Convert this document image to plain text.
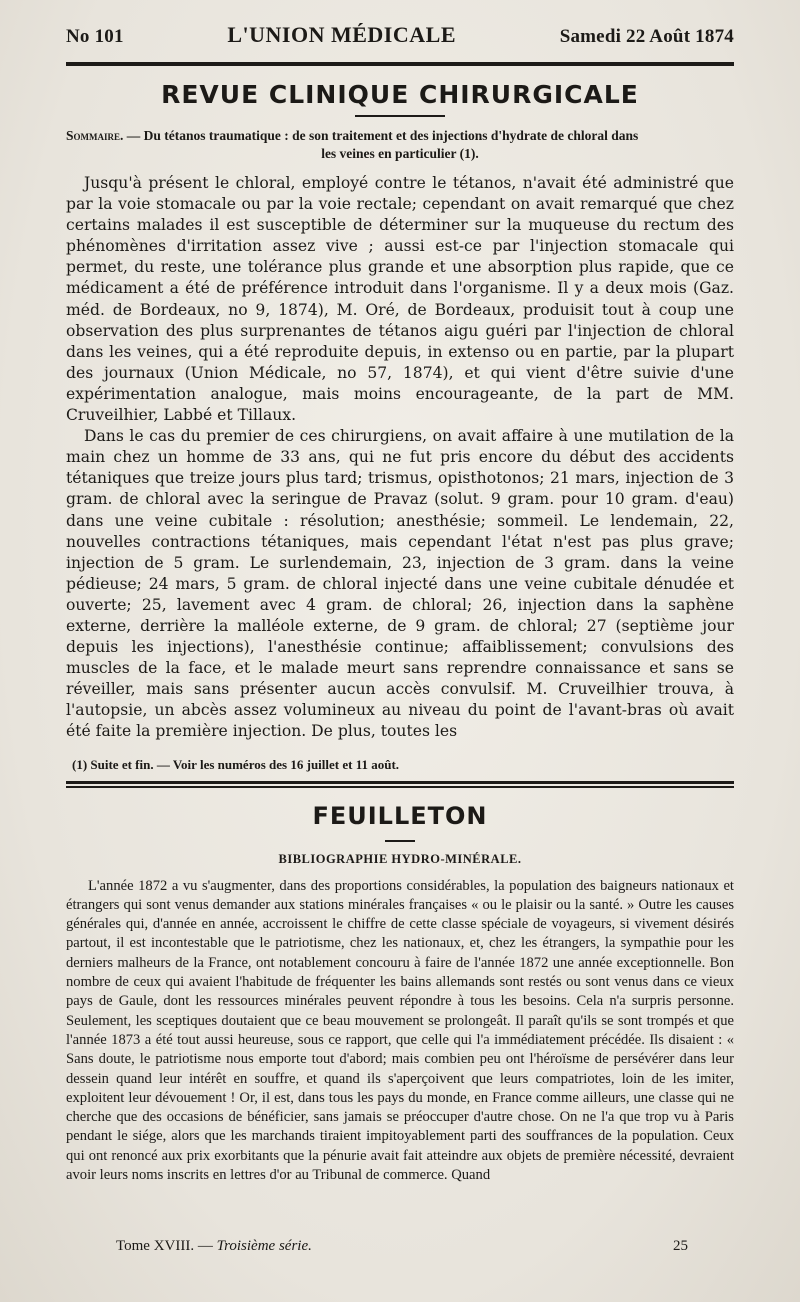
No 101	L'UNION MÉDICALE	Samedi 22 Août 1874
REVUE CLINIQUE CHIRURGICALE
Sommaire. — Du tétanos traumatique : de son traitement et des injections d'hydrate de chloral dans
les veines en particulier (1).

Jusqu'à présent le chloral, employé contre le tétanos, n'avait été administré que par la voie stomacale ou par la voie rectale; cependant on avait remarqué que chez certains malades il est susceptible de déterminer sur la muqueuse du rectum des phénomènes d'irritation assez vive ; aussi est-ce par l'injection stomacale qui permet, du reste, une tolérance plus grande et une absorption plus rapide, que ce médicament a été de préférence introduit dans l'organisme. Il y a deux mois (Gaz. méd. de Bordeaux, no 9, 1874), M. Oré, de Bordeaux, produisit tout à coup une observation des plus surprenantes de tétanos aigu guéri par l'injection de chloral dans les veines, qui a été reproduite depuis, in extenso ou en partie, par la plupart des journaux (Union Médicale, no 57, 1874), et qui vient d'être suivie d'une expérimentation analogue, mais moins encourageante, de la part de MM. Cruveilhier, Labbé et Tillaux.

Dans le cas du premier de ces chirurgiens, on avait affaire à une mutilation de la main chez un homme de 33 ans, qui ne fut pris encore du début des accidents tétaniques que treize jours plus tard; trismus, opisthotonos; 21 mars, injection de 3 gram. de chloral avec la seringue de Pravaz (solut. 9 gram. pour 10 gram. d'eau) dans une veine cubitale : résolution; anesthésie; sommeil. Le lendemain, 22, nouvelles contractions tétaniques, mais cependant l'état n'est pas plus grave; injection de 5 gram. Le surlendemain, 23, injection de 3 gram. dans la veine pédieuse; 24 mars, 5 gram. de chloral injecté dans une veine cubitale dénudée et ouverte; 25, lavement avec 4 gram. de chloral; 26, injection dans la saphène externe, derrière la malléole externe, de 9 gram. de chloral; 27 (septième jour depuis les injections), l'anesthésie continue; affaiblissement; convulsions des muscles de la face, et le malade meurt sans reprendre connaissance et sans se réveiller, mais sans présenter aucun accès convulsif. M. Cruveilhier trouva, à l'autopsie, un abcès assez volumineux au niveau du point de l'avant-bras où avait été faite la première injection. De plus, toutes les

(1) Suite et fin. — Voir les numéros des 16 juillet et 11 août.
FEUILLETON
BIBLIOGRAPHIE HYDRO-MINÉRALE.

L'année 1872 a vu s'augmenter, dans des proportions considérables, la population des baigneurs nationaux et étrangers qui sont venus demander aux stations minérales françaises « ou le plaisir ou la santé. » Outre les causes générales qui, d'année en année, accroissent le chiffre de cette classe spéciale de voyageurs, si vivement désirés partout, il est incontestable que le patriotisme, chez les nationaux, et, chez les étrangers, la sympathie pour les derniers malheurs de la France, ont notablement concouru à faire de l'année 1872 une année exceptionnelle. Bon nombre de ceux qui avaient l'habitude de fréquenter les bains allemands sont restés ou sont venus dans ce vieux pays de Gaule, dont les ressources minérales peuvent répondre à tous les besoins. Cela n'a surpris personne. Seulement, les sceptiques doutaient que ce beau mouvement se prolongeât. Il paraît qu'ils se sont trompés et que l'année 1873 a été tout aussi heureuse, sous ce rapport, que celle qui l'a immédiatement précédée. Ils disaient : « Sans doute, le patriotisme nous emporte tout d'abord; mais combien peu ont l'héroïsme de persévérer dans leur dessein quand leur intérêt en souffre, et quand ils s'aperçoivent que leurs compatriotes, loin de les imiter, exploitent leur dévouement ! Or, il est, dans tous les pays du monde, en France comme ailleurs, une classe qui ne cherche que des occasions de bénéficier, sans jamais se préoccuper d'autre chose. On ne l'a que trop vu à Paris pendant le siége, alors que les marchands tiraient impitoyablement parti des souffrances de la population. Ceux qui ont renoncé aux prix exorbitants que la pénurie avait fait atteindre aux objets de première nécessité, devraient avoir leurs noms inscrits en lettres d'or au Tribunal de commerce. Quand

Tome XVIII. — Troisième série.	25
